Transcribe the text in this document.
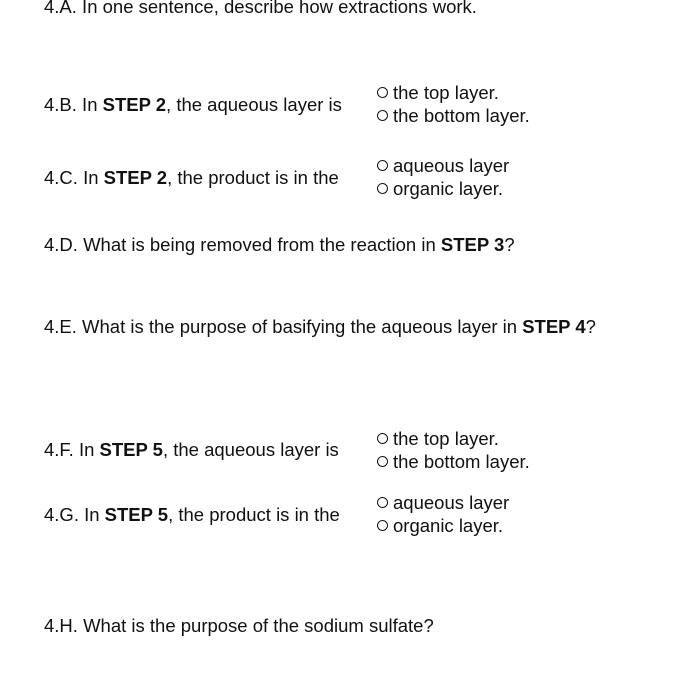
4.A. In one sentence, describe how extractions work.
4.B. In STEP 2, the aqueous layer is
the top layer.
the bottom layer.
4.C. In STEP 2, the product is in the
aqueous layer
organic layer.
4.D. What is being removed from the reaction in STEP 3?
4.E. What is the purpose of basifying the aqueous layer in STEP 4?
4.F. In STEP 5, the aqueous layer is
the top layer.
the bottom layer.
4.G. In STEP 5, the product is in the
aqueous layer
organic layer.
4.H. What is the purpose of the sodium sulfate?
